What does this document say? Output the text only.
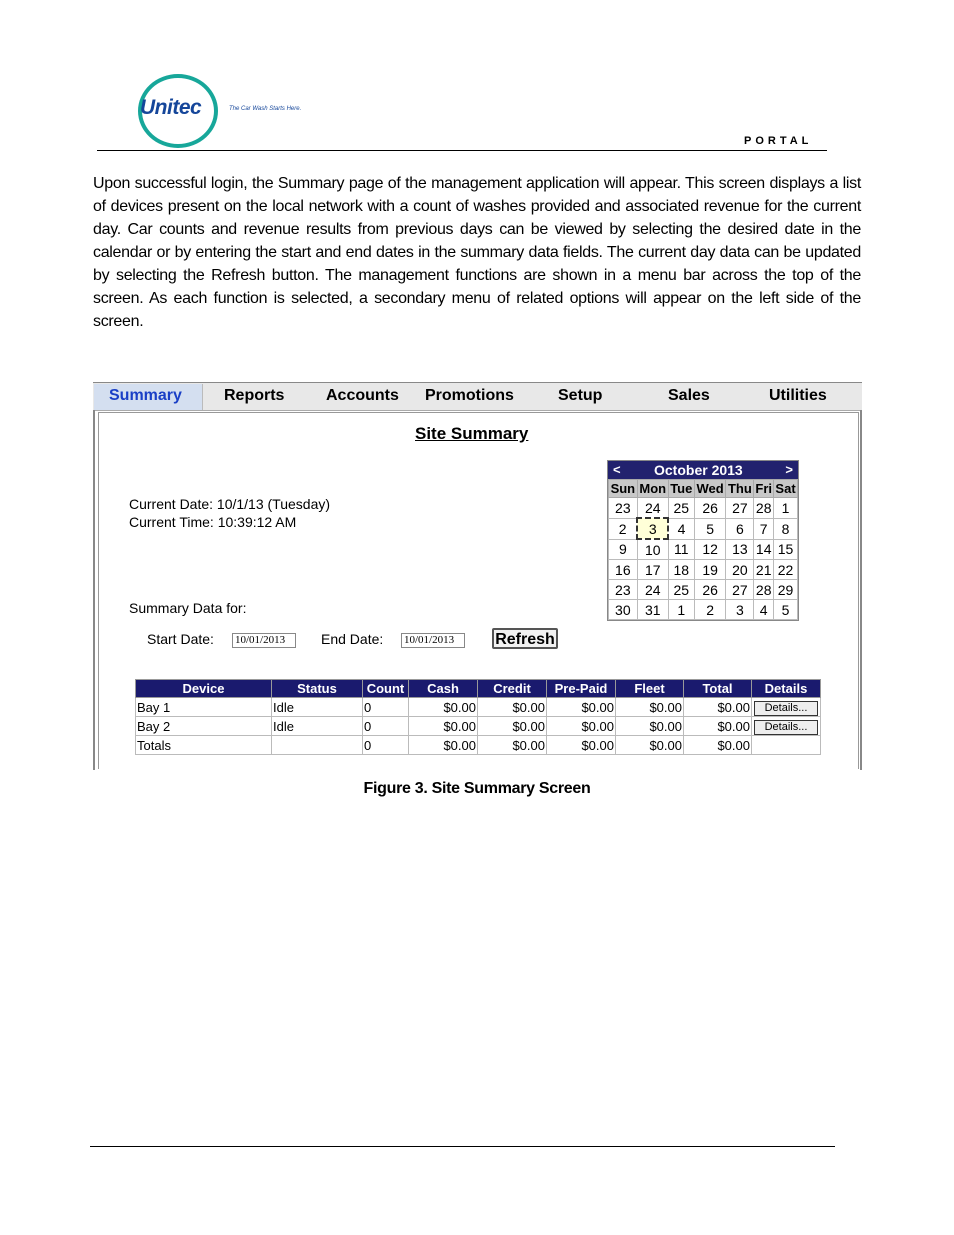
Unitec	The Car Wash Starts Here.
PORTAL
Upon successful login, the Summary page of the management application will appear. This screen displays a list of devices present on the local network with a count of washes provided and associated revenue for the current day. Car counts and revenue results from previous days can be viewed by selecting the desired date in the calendar or by entering the start and end dates in the summary data fields. The current day data can be updated by selecting the Refresh button. The management functions are shown in a menu bar across the top of the screen. As each function is selected, a secondary menu of related options will appear on the left side of the screen.
Summary	Reports	Accounts Promotions	Setup	Sales	Utilities
Site Summary
Current Date: 10/1/13 (Tuesday)
Current Time: 10:39:12 AM
Summary Data for:
< October 2013	>
Sun	Mon	Tue	Wed	Thu	Fri	Sat
23	24	25	26	27	28	1
2	3	4	5	6	7	8
9	10	11	12	13	14	15
16	17	18	19	20	21	22
23	24	25	26	27	28	29
30	31	1	2	3	4	5
Start Date: 10/01/2013	End Date: 10/01/2013	Refresh
Device	Status	Count	Cash	Credit	Pre-Paid	Fleet	Total	Details
Bay 1	Idle	0	$0.00	$0.00	$0.00	$0.00	$0.00	Details...
Bay 2	Idle	0	$0.00	$0.00	$0.00	$0.00	$0.00	Details...
Totals		0	$0.00	$0.00	$0.00	$0.00	$0.00	
Figure 3. Site Summary Screen
